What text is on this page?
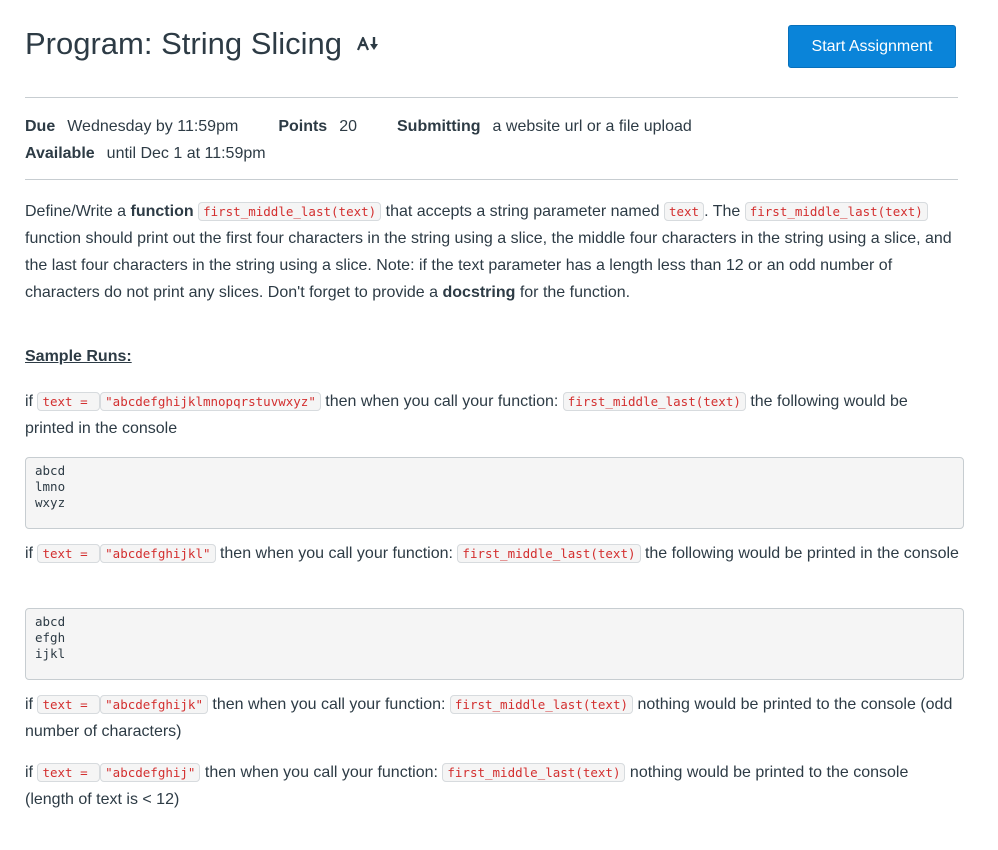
Program: String Slicing	Start Assignment
Due Wednesday by 11:59pm	Points 20	Submitting a website url or a file upload
Available until Dec 1 at 11:59pm

Define/Write a function first_middle_last(text) that accepts a string parameter named text . The first_middle_last(text) function should print out the first four characters in the string using a slice, the middle four characters in the string using a slice, and the last four characters in the string using a slice. Note: if the text parameter has a length less than 12 or an odd number of characters do not print any slices. Don't forget to provide a docstring for the function.

Sample Runs:

if text = "abcdefghijklmnopqrstuvwxyz" then when you call your function: first_middle_last(text) the following would be printed in the console

abcd
lmno
wxyz

if text = "abcdefghijkl" then when you call your function: first_middle_last(text) the following would be printed in the console

abcd
efgh
ijkl

if text = "abcdefghijk" then when you call your function: first_middle_last(text) nothing would be printed to the console (odd number of characters)

if text = "abcdefghij" then when you call your function: first_middle_last(text) nothing would be printed to the console (length of text is < 12)
